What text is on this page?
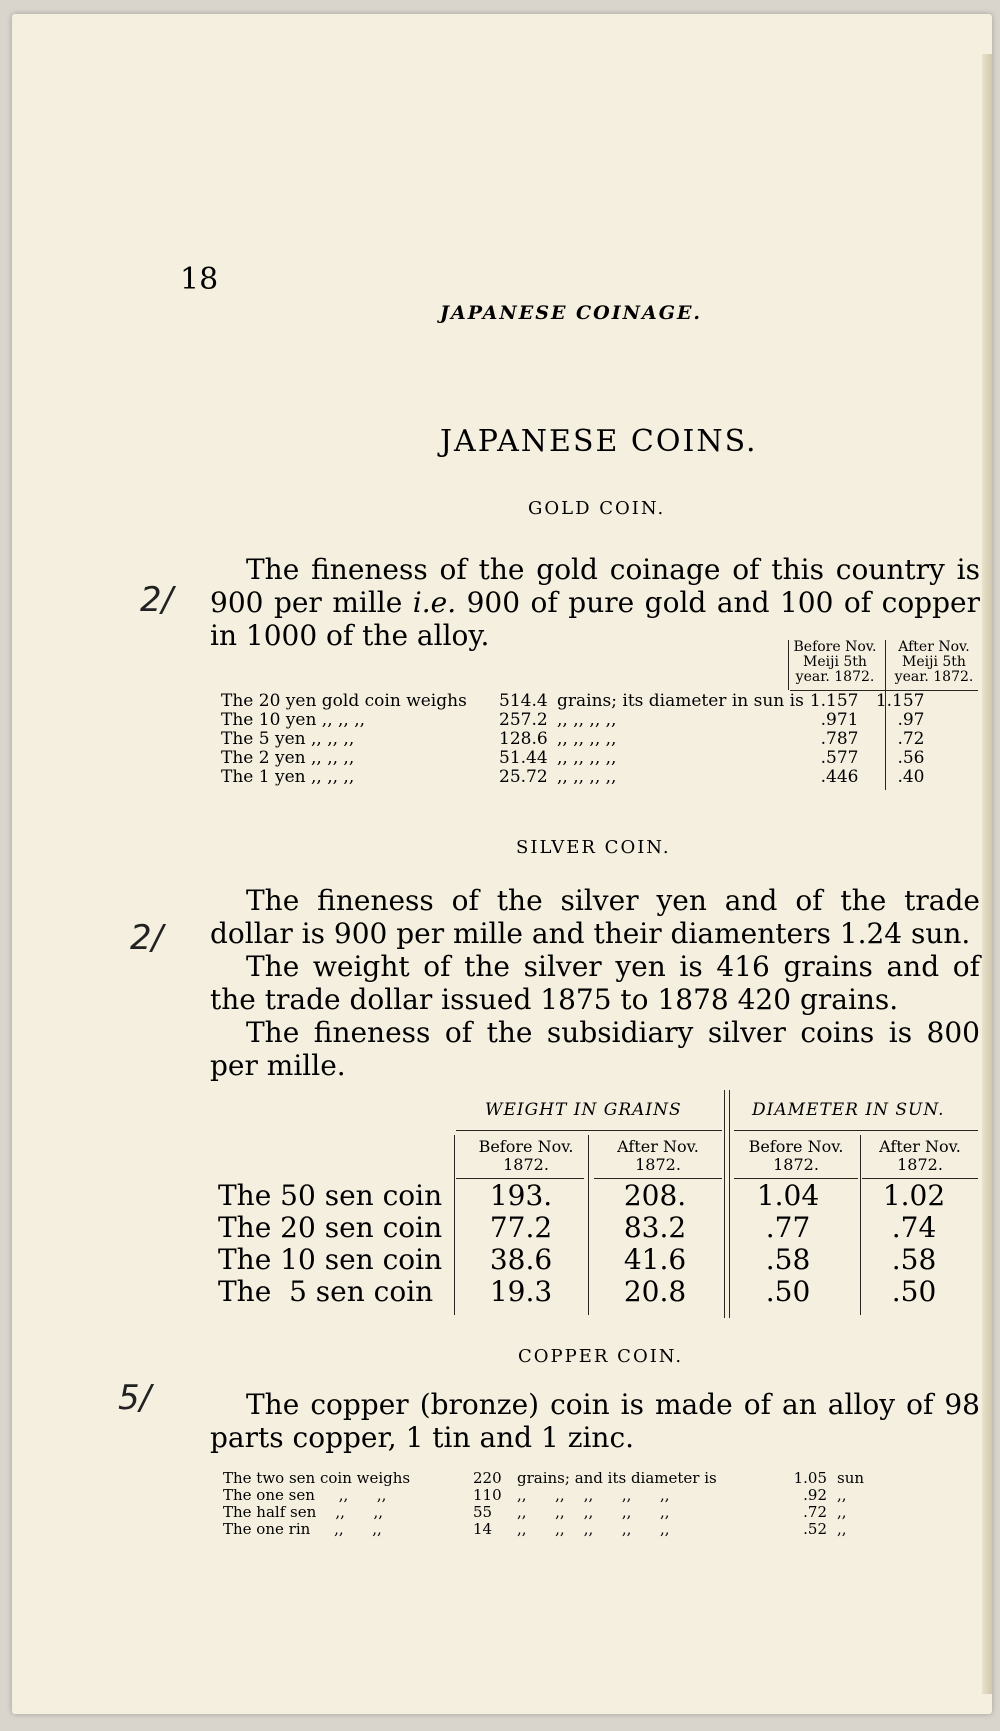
18
JAPANESE COINAGE.
JAPANESE COINS.
GOLD COIN.
2/

The fineness of the gold coinage of this country is 900 per mille i.e. 900 of pure gold and 100 of copper in 1000 of the alloy.	Before Nov.
Meiji 5th
year. 1872.
After Nov.
Meiji 5th
year. 1872.
The 20 yen gold coin weighs	514.4	grains; its diameter in sun is	1.157	1.157
The 10 yen ,, ,, ,,	257.2	,, ,, ,, ,,	.971	.97
The 5 yen ,, ,, ,,	128.6	,, ,, ,, ,,	.787	.72
The 2 yen ,, ,, ,,	51.44	,, ,, ,, ,,	.577	.56
The 1 yen ,, ,, ,,	25.72	,, ,, ,, ,,	.446	.40
SILVER COIN.
2/

The fineness of the silver yen and of the trade dollar is 900 per mille and their diamenters 1.24 sun.

The weight of the silver yen is 416 grains and of the trade dollar issued 1875 to 1878 420 grains.

The fineness of the subsidiary silver coins is 800 per mille.

WEIGHT IN GRAINS	DIAMETER IN SUN.
Before Nov.
1872.
After Nov.
1872.
Before Nov.
1872.
After Nov.
1872.
The 50 sen coin	193.	208.	1.04	1.02
The 20 sen coin	77.2	83.2	.77	.74
The 10 sen coin	38.6	41.6	.58	.58
The  5 sen coin	19.3	20.8	.50	.50
COPPER COIN.
5/	The copper (bronze) coin is made of an alloy of 98 parts copper, 1 tin and 1 zinc.

The two sen coin weighs	220	grains; and its diameter is	1.05	sun
The one sen     ,,      ,,	110	,,      ,,    ,,      ,,      ,,	.92	,,
The half sen    ,,      ,,	55	,,      ,,    ,,      ,,      ,,	.72	,,
The one rin     ,,      ,,	14	,,      ,,    ,,      ,,      ,,	.52	,,
